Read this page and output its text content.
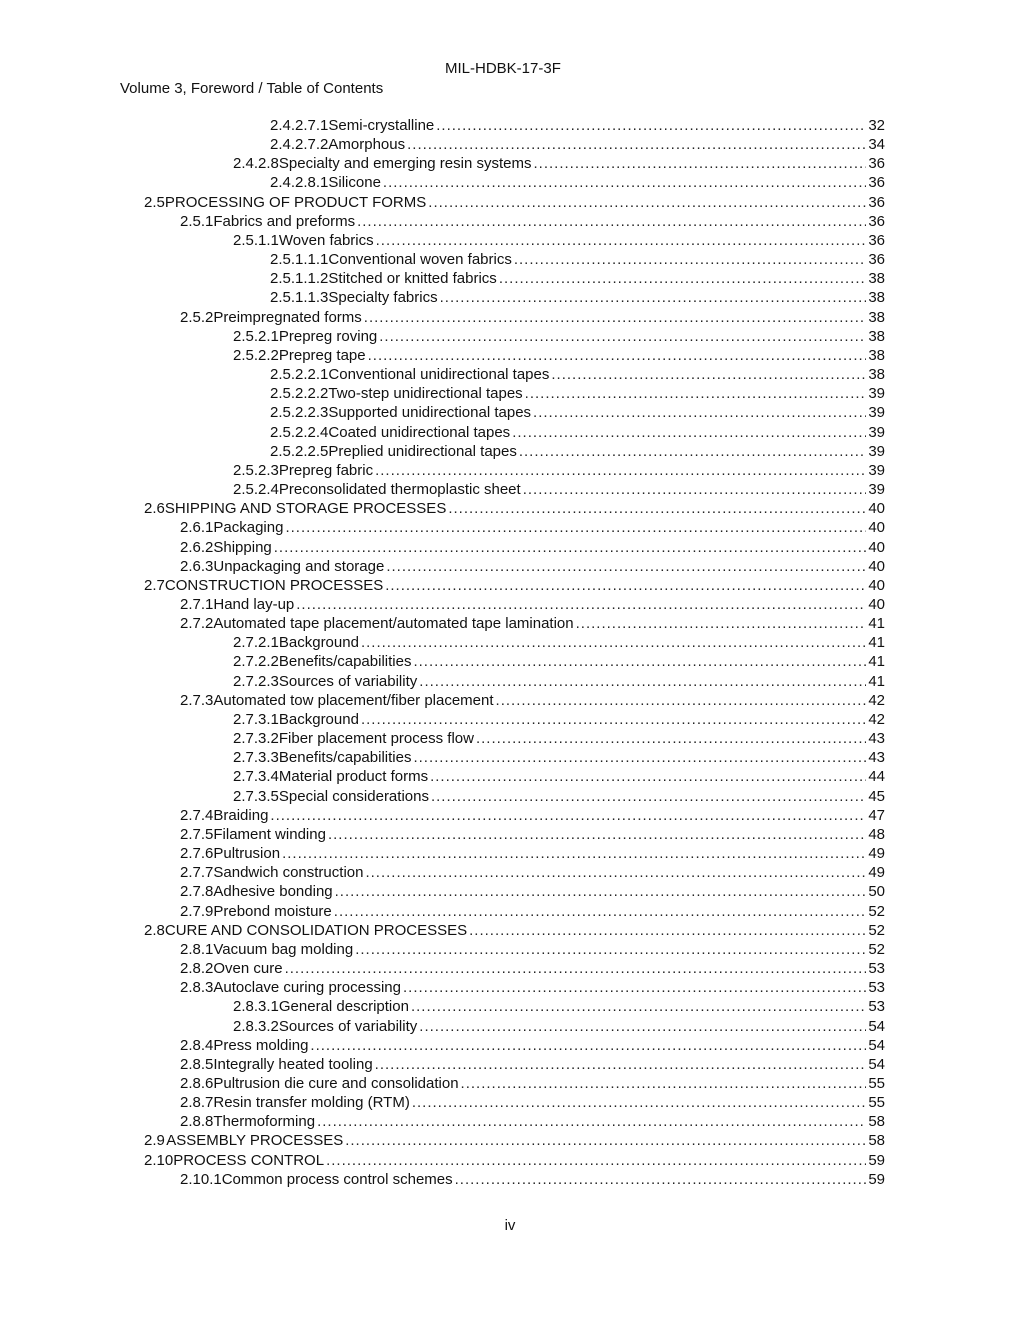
MIL-HDBK-17-3F
Volume 3, Foreword / Table of Contents
2.4.2.7.1 Semi-crystalline .....	32
2.4.2.7.2 Amorphous .....	34
2.4.2.8 Specialty and emerging resin systems .....	36
2.4.2.8.1 Silicone .....	36
2.5 PROCESSING OF PRODUCT FORMS .....	36
2.5.1 Fabrics and preforms .....	36
2.5.1.1 Woven fabrics .....	36
2.5.1.1.1 Conventional woven fabrics .....	36
2.5.1.1.2 Stitched or knitted fabrics .....	38
2.5.1.1.3 Specialty fabrics .....	38
2.5.2 Preimpregnated forms .....	38
2.5.2.1 Prepreg roving .....	38
2.5.2.2 Prepreg tape .....	38
2.5.2.2.1 Conventional unidirectional tapes .....	38
2.5.2.2.2 Two-step unidirectional tapes .....	39
2.5.2.2.3 Supported unidirectional tapes .....	39
2.5.2.2.4 Coated unidirectional tapes .....	39
2.5.2.2.5 Preplied unidirectional tapes .....	39
2.5.2.3 Prepreg fabric .....	39
2.5.2.4 Preconsolidated thermoplastic sheet .....	39
2.6 SHIPPING AND STORAGE PROCESSES .....	40
2.6.1 Packaging .....	40
2.6.2 Shipping .....	40
2.6.3 Unpackaging and storage .....	40
2.7 CONSTRUCTION PROCESSES .....	40
2.7.1 Hand lay-up .....	40
2.7.2 Automated tape placement/automated tape lamination .....	41
2.7.2.1 Background .....	41
2.7.2.2 Benefits/capabilities .....	41
2.7.2.3 Sources of variability .....	41
2.7.3 Automated tow placement/fiber placement .....	42
2.7.3.1 Background .....	42
2.7.3.2 Fiber placement process flow .....	43
2.7.3.3 Benefits/capabilities .....	43
2.7.3.4 Material product forms .....	44
2.7.3.5 Special considerations .....	45
2.7.4 Braiding .....	47
2.7.5 Filament winding .....	48
2.7.6 Pultrusion .....	49
2.7.7 Sandwich construction .....	49
2.7.8 Adhesive bonding .....	50
2.7.9 Prebond moisture .....	52
2.8 CURE AND CONSOLIDATION PROCESSES .....	52
2.8.1 Vacuum bag molding .....	52
2.8.2 Oven cure .....	53
2.8.3 Autoclave curing processing .....	53
2.8.3.1 General description .....	53
2.8.3.2 Sources of variability .....	54
2.8.4 Press molding .....	54
2.8.5 Integrally heated tooling .....	54
2.8.6 Pultrusion die cure and consolidation .....	55
2.8.7 Resin transfer molding (RTM) .....	55
2.8.8 Thermoforming .....	58
2.9 ASSEMBLY PROCESSES .....	58
2.10 PROCESS CONTROL .....	59
2.10.1 Common process control schemes .....	59
iv
